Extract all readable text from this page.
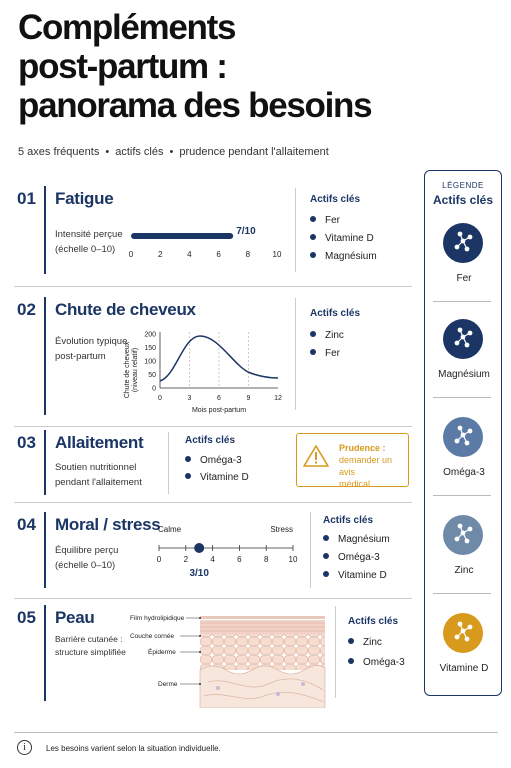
Compléments
post-partum :
panorama des besoins
5 axes fréquents • actifs clés • prudence pendant l'allaitement
01 Fatigue
Intensité perçue
(échelle 0–10)
7/10
0	2	4	6	8	10
Actifs clés
Fer
Vitamine D
Magnésium
02 Chute de cheveux
Évolution typique
post-partum	Chute de cheveux (niveau relatif)
200
150
100
50
0
0	3	6	9	12
Mois post-partum
Actifs clés
Zinc
Fer
03 Allaitement
Soutien nutritionnel
pendant l'allaitement
Actifs clés
Oméga-3
Vitamine D
Prudence :
demander un avis
médical
04 Moral / stress
Équilibre perçu
(échelle 0–10)
Calme	Stress
0	2	4	6	8	10
3/10
Actifs clés
Magnésium
Oméga-3
Vitamine D
05 Peau
Barrière cutanée :
structure simplifiée
Film hydrolipidique
Couche cornée
Épiderme
Derme
Actifs clés
Zinc
Oméga-3
LÉGENDE
Actifs clés
Fer
Magnésium
Oméga-3
Zinc
Vitamine D
i	Les besoins varient selon la situation individuelle.
